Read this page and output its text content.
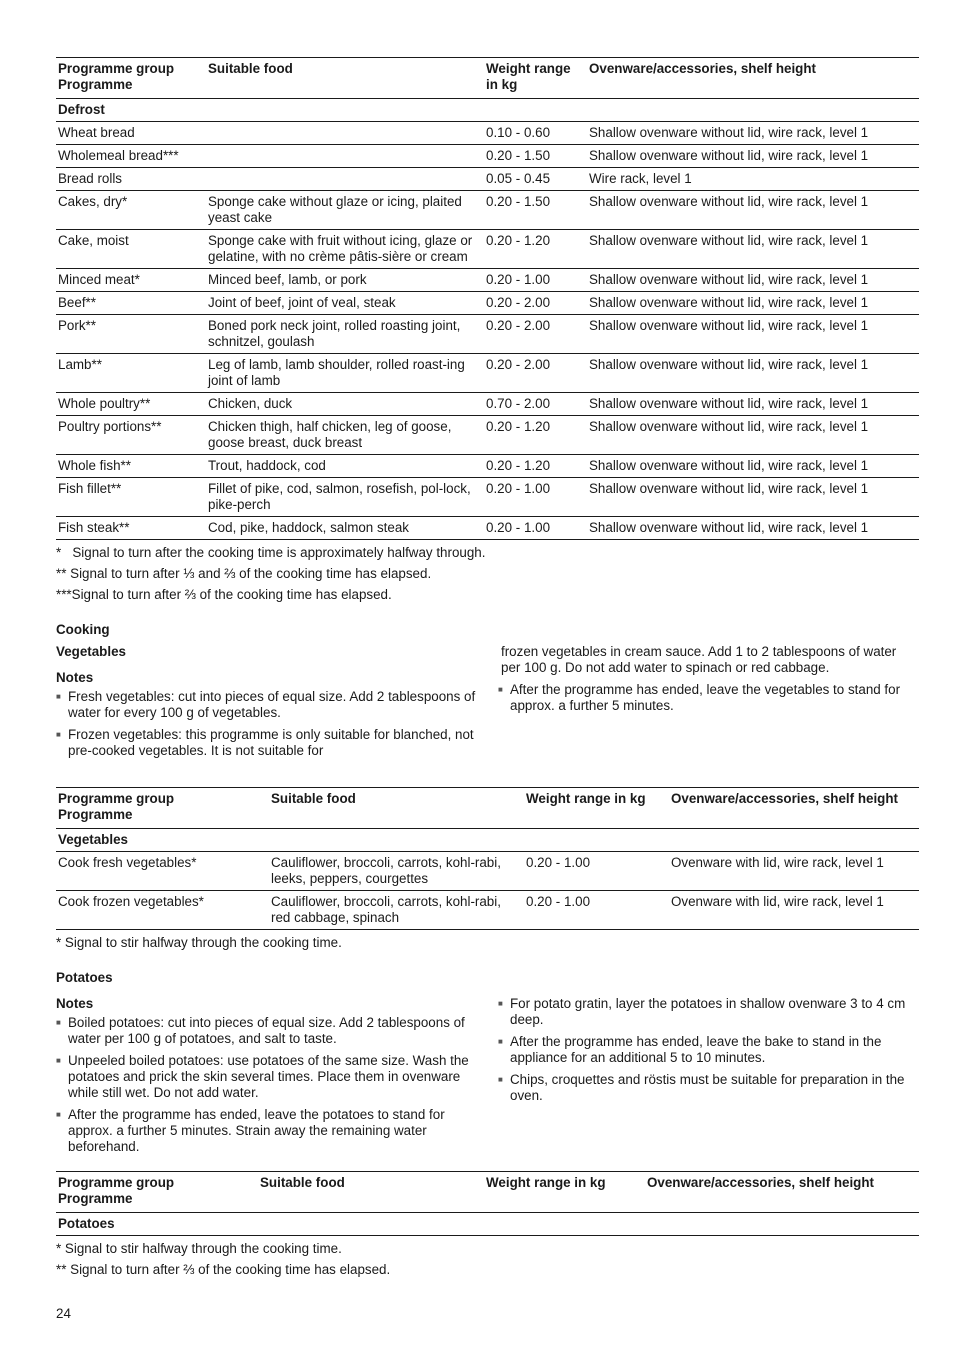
Programme group
Programme	Suitable food	Weight range in kg	Ovenware/accessories, shelf height
Defrost			
Wheat bread		0.10 - 0.60	Shallow ovenware without lid, wire rack, level 1
Wholemeal bread***		0.20 - 1.50	Shallow ovenware without lid, wire rack, level 1
Bread rolls		0.05 - 0.45	Wire rack, level 1
Cakes, dry*	Sponge cake without glaze or icing, plaited yeast cake	0.20 - 1.50	Shallow ovenware without lid, wire rack, level 1
Cake, moist	Sponge cake with fruit without icing, glaze or gelatine, with no crème pâtis-sière or cream	0.20 - 1.20	Shallow ovenware without lid, wire rack, level 1
Minced meat*	Minced beef, lamb, or pork	0.20 - 1.00	Shallow ovenware without lid, wire rack, level 1
Beef**	Joint of beef, joint of veal, steak	0.20 - 2.00	Shallow ovenware without lid, wire rack, level 1
Pork**	Boned pork neck joint, rolled roasting joint, schnitzel, goulash	0.20 - 2.00	Shallow ovenware without lid, wire rack, level 1
Lamb**	Leg of lamb, lamb shoulder, rolled roast-ing joint of lamb	0.20 - 2.00	Shallow ovenware without lid, wire rack, level 1
Whole poultry**	Chicken, duck	0.70 - 2.00	Shallow ovenware without lid, wire rack, level 1
Poultry portions**	Chicken thigh, half chicken, leg of goose, goose breast, duck breast	0.20 - 1.20	Shallow ovenware without lid, wire rack, level 1
Whole fish**	Trout, haddock, cod	0.20 - 1.20	Shallow ovenware without lid, wire rack, level 1
Fish fillet**	Fillet of pike, cod, salmon, rosefish, pol-lock, pike-perch	0.20 - 1.00	Shallow ovenware without lid, wire rack, level 1
Fish steak**	Cod, pike, haddock, salmon steak	0.20 - 1.00	Shallow ovenware without lid, wire rack, level 1
*   Signal to turn after the cooking time is approximately halfway through.
** Signal to turn after ⅓ and ⅔ of the cooking time has elapsed.
***Signal to turn after ⅔ of the cooking time has elapsed.
Cooking
Vegetables
Notes
■ Fresh vegetables: cut into pieces of equal size. Add 2 tablespoons of water for every 100 g of vegetables.
■ Frozen vegetables: this programme is only suitable for blanched, not pre-cooked vegetables. It is not suitable for
frozen vegetables in cream sauce. Add 1 to 2 tablespoons of water per 100 g. Do not add water to spinach or red cabbage.
■ After the programme has ended, leave the vegetables to stand for approx. a further 5 minutes.
Programme group
Programme	Suitable food	Weight range in kg	Ovenware/accessories, shelf height
Vegetables			
Cook fresh vegetables*	Cauliflower, broccoli, carrots, kohl-rabi, leeks, peppers, courgettes	0.20 - 1.00	Ovenware with lid, wire rack, level 1
Cook frozen vegetables*	Cauliflower, broccoli, carrots, kohl-rabi, red cabbage, spinach	0.20 - 1.00	Ovenware with lid, wire rack, level 1
* Signal to stir halfway through the cooking time.
Potatoes
Notes
■ Boiled potatoes: cut into pieces of equal size. Add 2 tablespoons of water per 100 g of potatoes, and salt to taste.
■ Unpeeled boiled potatoes: use potatoes of the same size. Wash the potatoes and prick the skin several times. Place them in ovenware while still wet. Do not add water.
■ After the programme has ended, leave the potatoes to stand for approx. a further 5 minutes. Strain away the remaining water beforehand.
■ For potato gratin, layer the potatoes in shallow ovenware 3 to 4 cm deep.
■ After the programme has ended, leave the bake to stand in the appliance for an additional 5 to 10 minutes.
■ Chips, croquettes and röstis must be suitable for preparation in the oven.
Programme group
Programme	Suitable food	Weight range in kg	Ovenware/accessories, shelf height
Potatoes
* Signal to stir halfway through the cooking time.
** Signal to turn after ⅔ of the cooking time has elapsed.
24
